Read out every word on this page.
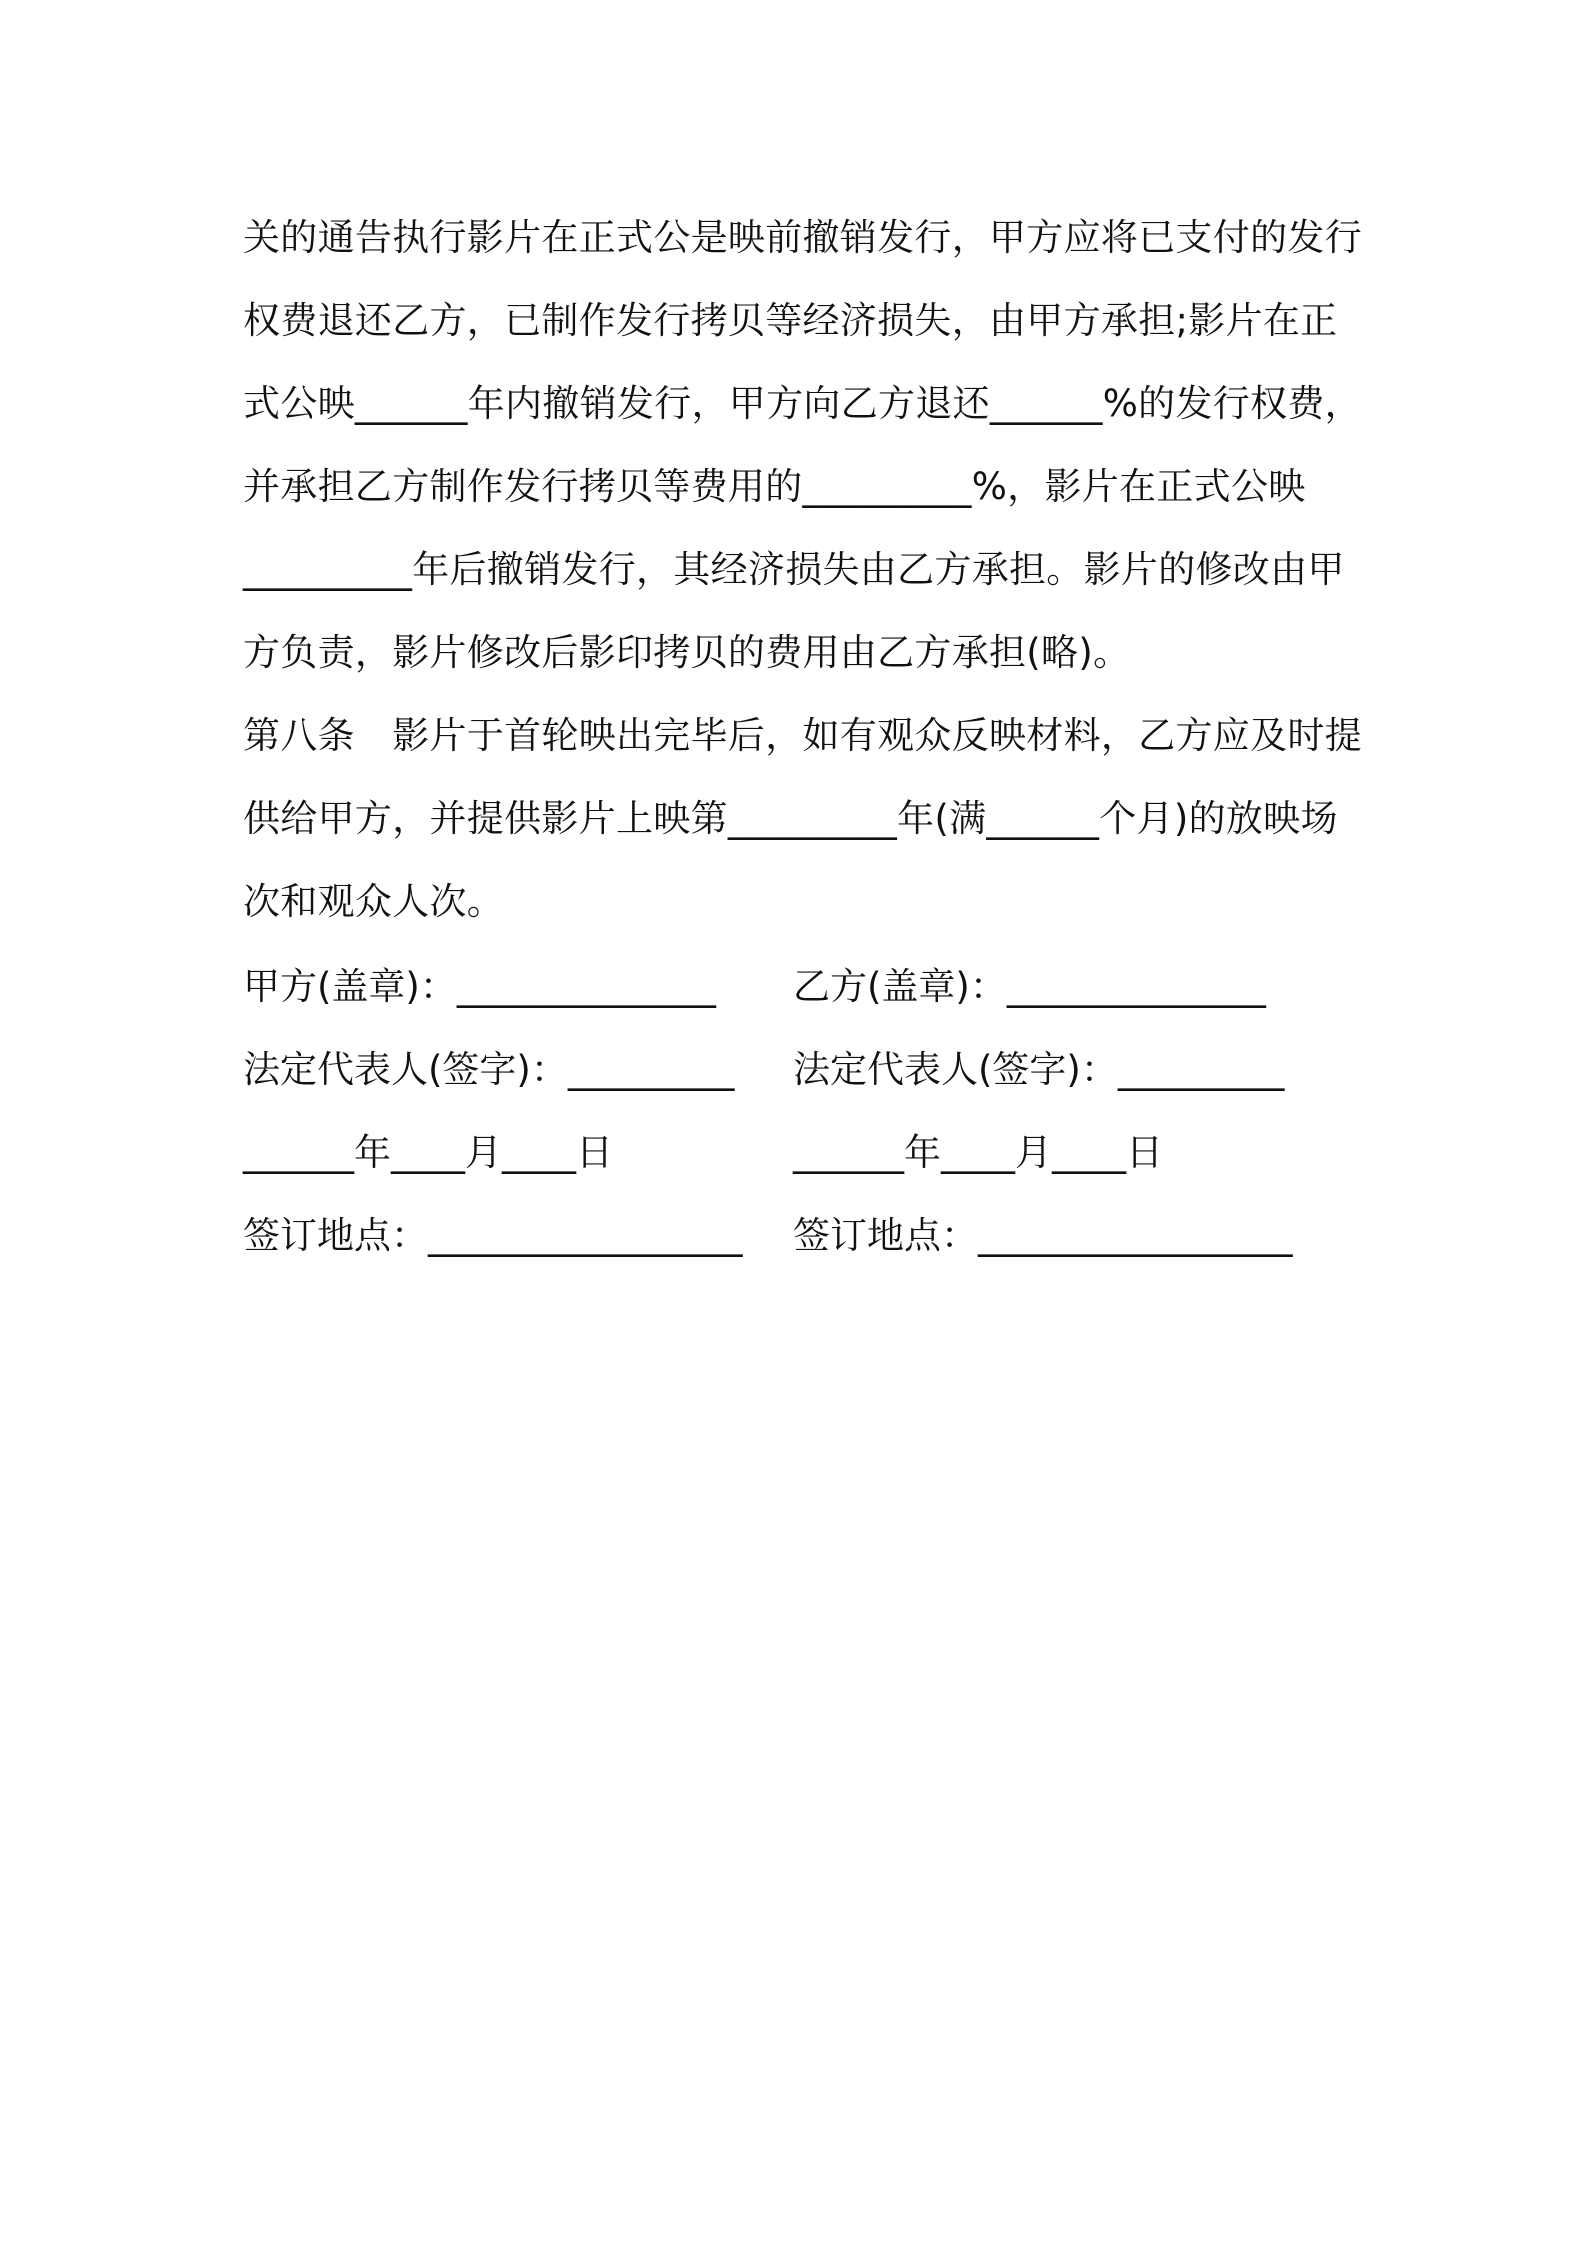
关的通告执行影片在正式公是映前撤销发行，甲方应将已支付的发行
权费退还乙方，已制作发行拷贝等经济损失，由甲方承担;影片在正
式公映______年内撤销发行，甲方向乙方退还______%的发行权费，
并承担乙方制作发行拷贝等费用的_________%，影片在正式公映
_________年后撤销发行，其经济损失由乙方承担。影片的修改由甲
方负责，影片修改后影印拷贝的费用由乙方承担(略)。
第八条　影片于首轮映出完毕后，如有观众反映材料，乙方应及时提
供给甲方，并提供影片上映第_________年(满______个月)的放映场
次和观众人次。
甲方(盖章)：______________ 乙方(盖章)：______________
法定代表人(签字)：_________ 法定代表人(签字)：_________
______年____月____日	______年____月____日
签订地点：_________________ 签订地点：_________________
